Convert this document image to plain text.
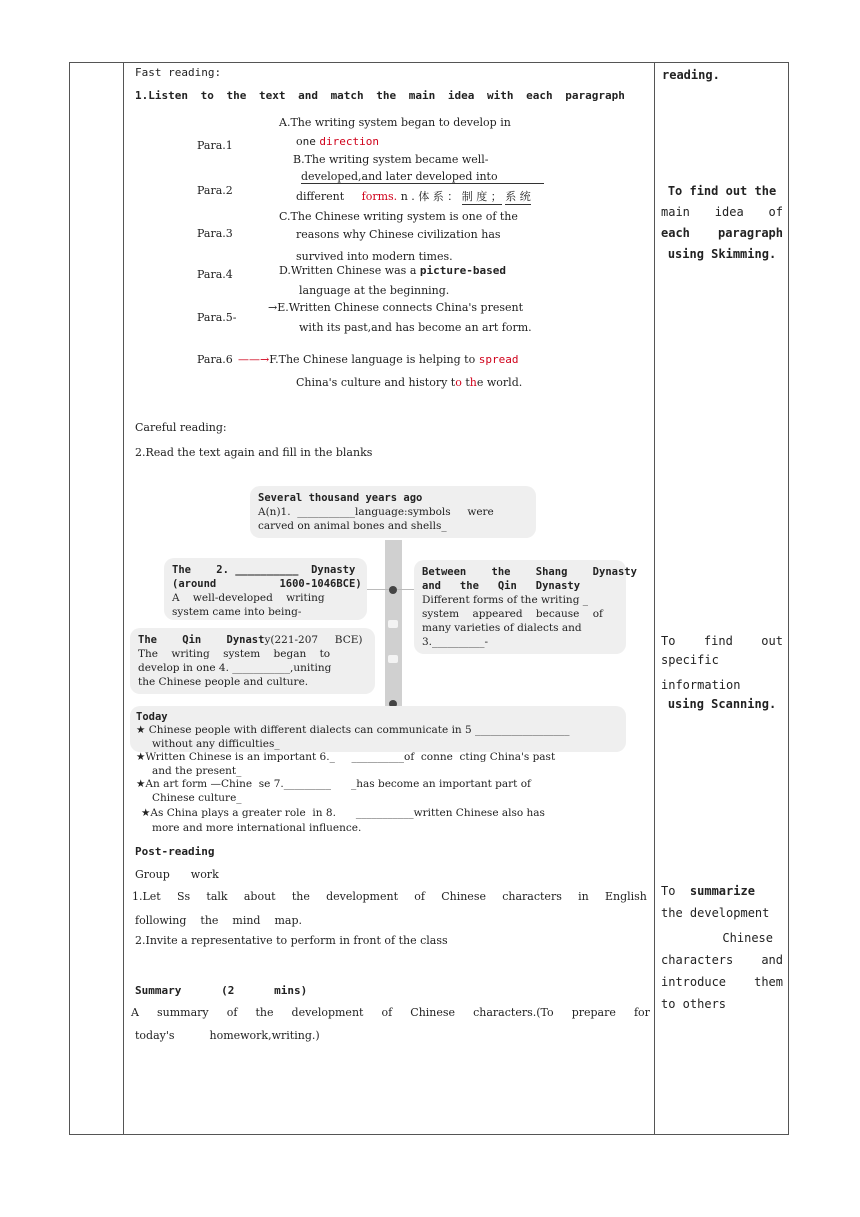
Fast reading:
1.Listen to the text and match the main idea with each paragraph
Para.1
Para.2
Para.3
Para.4
Para.5-
Para.6
A.The writing system began to develop in
one direction
B.The writing system became well-
developed,and later developed into
different forms. n . 体 系 ： 制 度 ； 系 统
C.The Chinese writing system is one of the
reasons why Chinese civilization has
survived into modern times.
D.Written Chinese was a picture-based
language at the beginning.
→E.Written Chinese connects China's present
with its past,and has become an art form.
——→F.The Chinese language is helping to spread
China's culture and history to the world.
Careful reading:
2.Read the text again and fill in the blanks
Several thousand years ago
A(n)1.  ___________language:symbols     were
carved on animal bones and shells_
The    2. __________  Dynasty
(around          1600-1046BCE)
A    well-developed    writing
system came into being-
Between    the    Shang    Dynasty
and   the   Qin   Dynasty
Different forms of the writing _
system    appeared    because    of
many varieties of dialects and
3.__________-
The    Qin    Dynasty(221-207     BCE)
The    writing    system    began    to
develop in one 4. ___________,uniting
the Chinese people and culture.
Today
★ Chinese people with different dialects can communicate in 5 __________________
without any difficulties_
★Written Chinese is an important 6._     __________of  conne  cting China's past
and the present_
★An art form —Chine  se 7._________      _has become an important part of
Chinese culture_
★As China plays a greater role  in 8.      ___________written Chinese also has
more and more international influence.
Post-reading
Group      work
1.Let Ss talk about the development of Chinese characters in English
following    the    mind    map.
2.Invite a representative to perform in front of the class
Summary      (2      mins)
A summary of the development of Chinese characters.(To prepare for
today's          homework,writing.)
reading.
To find out the
main idea of
each paragraph
using Skimming.
To find out
specific
information
using Scanning.
To summarize
the development
Chinese
characters and
introduce them
to others
